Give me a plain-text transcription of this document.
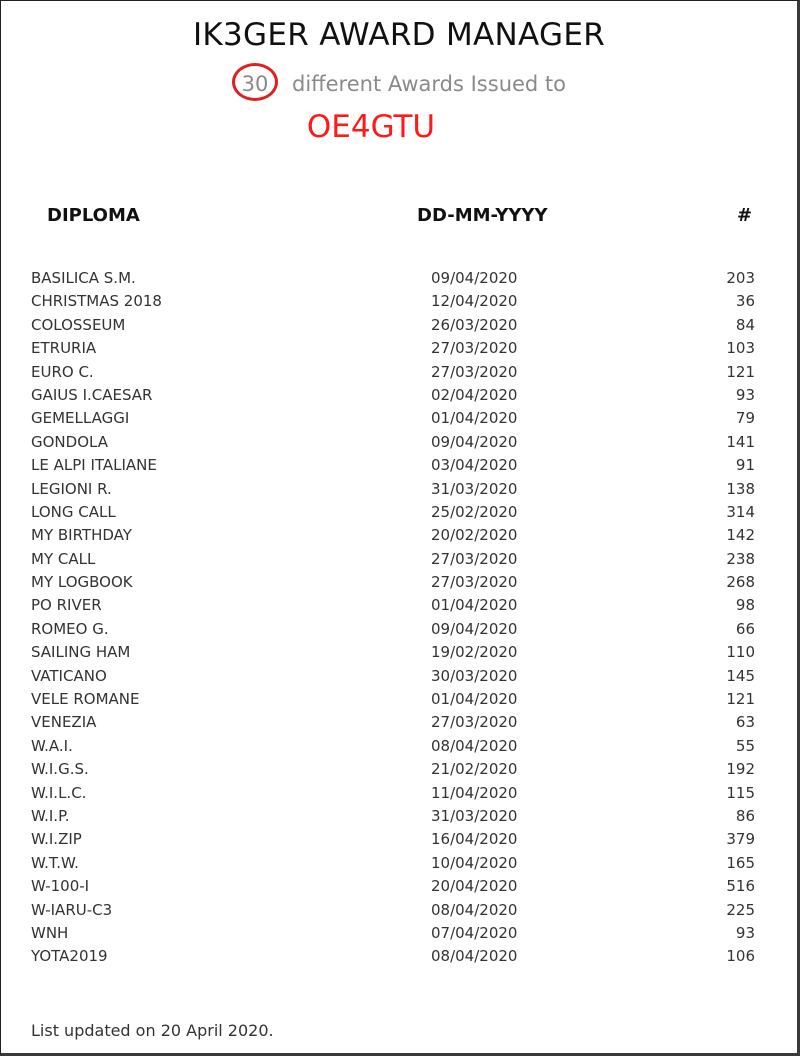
IK3GER AWARD MANAGER
30 different Awards Issued to
OE4GTU
DIPLOMA	DD-MM-YYYY	#
BASILICA S.M.	09/04/2020	203
CHRISTMAS 2018	12/04/2020	36
COLOSSEUM	26/03/2020	84
ETRURIA	27/03/2020	103
EURO C.	27/03/2020	121
GAIUS I.CAESAR	02/04/2020	93
GEMELLAGGI	01/04/2020	79
GONDOLA	09/04/2020	141
LE ALPI ITALIANE	03/04/2020	91
LEGIONI R.	31/03/2020	138
LONG CALL	25/02/2020	314
MY BIRTHDAY	20/02/2020	142
MY CALL	27/03/2020	238
MY LOGBOOK	27/03/2020	268
PO RIVER	01/04/2020	98
ROMEO G.	09/04/2020	66
SAILING HAM	19/02/2020	110
VATICANO	30/03/2020	145
VELE ROMANE	01/04/2020	121
VENEZIA	27/03/2020	63
W.A.I.	08/04/2020	55
W.I.G.S.	21/02/2020	192
W.I.L.C.	11/04/2020	115
W.I.P.	31/03/2020	86
W.I.ZIP	16/04/2020	379
W.T.W.	10/04/2020	165
W-100-I	20/04/2020	516
W-IARU-C3	08/04/2020	225
WNH	07/04/2020	93
YOTA2019	08/04/2020	106
List updated on 20 April 2020.
